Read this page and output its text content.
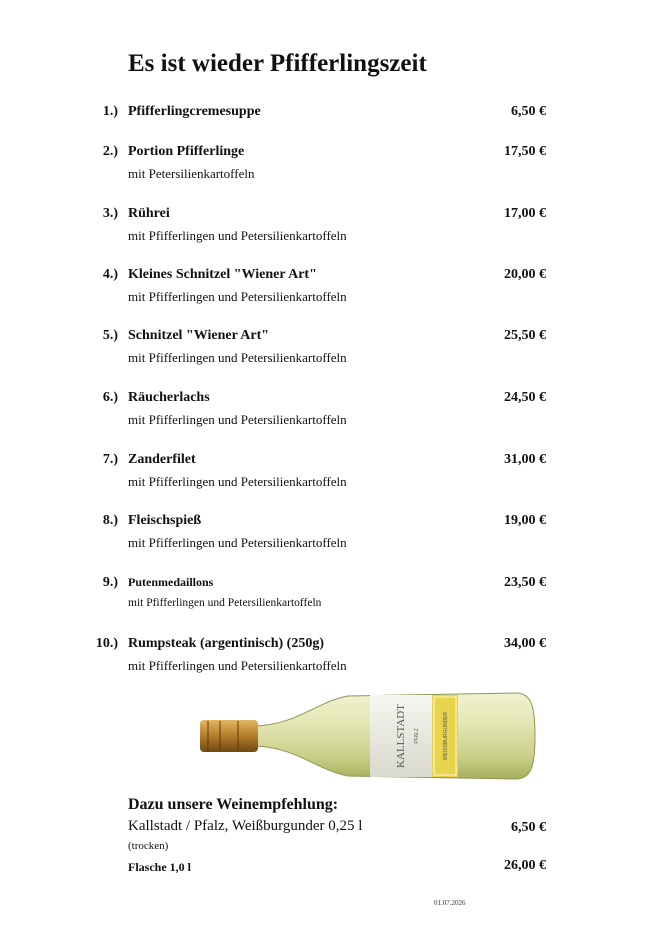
Es ist wieder Pfifferlingszeit
1.) Pfifferlingcremesuppe	6,50 €
2.) Portion Pfifferlinge
mit Petersilienkartoffeln
17,50 €
3.) Rührei
mit Pfifferlingen und Petersilienkartoffeln
17,00 €
4.) Kleines Schnitzel "Wiener Art"
mit Pfifferlingen und Petersilienkartoffeln
20,00 €
5.) Schnitzel "Wiener Art"
mit Pfifferlingen und Petersilienkartoffeln
25,50 €
6.) Räucherlachs
mit Pfifferlingen und Petersilienkartoffeln
24,50 €
7.) Zanderfilet
mit Pfifferlingen und Petersilienkartoffeln
31,00 €
8.) Fleischspieß
mit Pfifferlingen und Petersilienkartoffeln
19,00 €
9.) Putenmedaillons
mit Pfifferlingen und Petersilienkartoffeln
23,50 €
10.) Rumpsteak (argentinisch) (250g)
mit Pfifferlingen und Petersilienkartoffeln
34,00 €
KALLSTADT PFALZ	WEISSBURGUNDER
Dazu unsere Weinempfehlung:
Kallstadt / Pfalz, Weißburgunder 0,25 l	6,50 €
(trocken)
Flasche 1,0 l	26,00 €
01.07.2026
